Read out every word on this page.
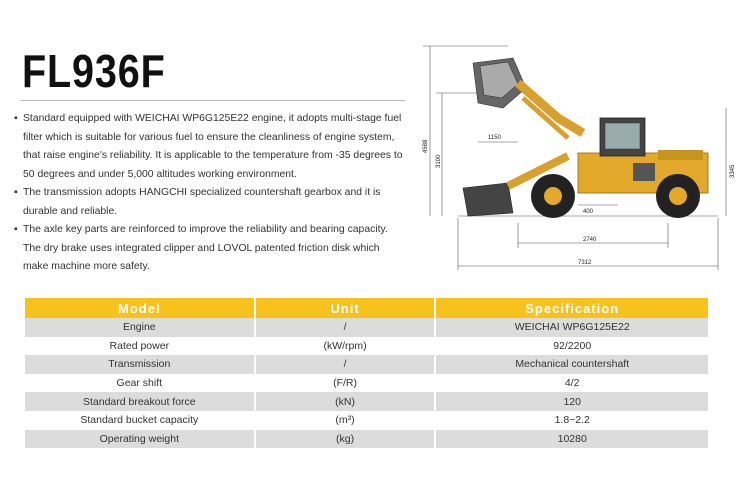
FL936F
▪ Standard equipped with WEICHAI WP6G125E22 engine, it adopts multi-stage fuel filter which is suitable for various fuel to ensure the cleanliness of engine system, that raise engine's reliability. It is applicable to the temperature from -35 degrees to 50 degrees and under 5,000 altitudes working environment.
▪ The transmission adopts HANGCHI specialized countershaft gearbox and it is durable and reliable.
▪ The axle key parts are reinforced to improve the reliability and bearing capacity. The dry brake uses integrated clipper and LOVOL patented friction disk which make machine more safety.
4588
3100
1150
3345
400
2740
7312
Model	Unit	Specification
Engine	/	WEICHAI WP6G125E22
Rated power	(kW/rpm)	92/2200
Transmission	/	Mechanical countershaft
Gear shift	(F/R)	4/2
Standard breakout force	(kN)	120
Standard bucket capacity	(m³)	1.8~2.2
Operating weight	(kg)	10280
